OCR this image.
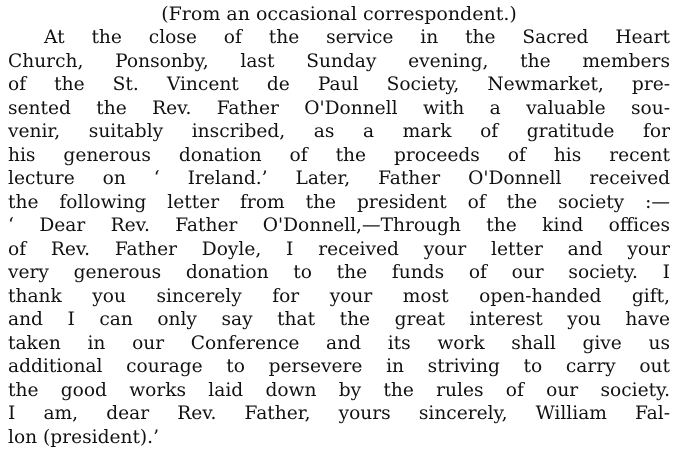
(From an occasional correspondent.)
At the close of the service in the Sacred Heart
Church, Ponsonby, last Sunday evening, the members
of the St. Vincent de Paul Society, Newmarket, pre-
sented the Rev. Father O'Donnell with a valuable sou-
venir, suitably inscribed, as a mark of gratitude for
his generous donation of the proceeds of his recent
lecture on ‘ Ireland.’ Later, Father O'Donnell received
the following letter from the president of the society :—
‘ Dear Rev. Father O'Donnell,—Through the kind offices
of Rev. Father Doyle, I received your letter and your
very generous donation to the funds of our society. I
thank you sincerely for your most open-handed gift,
and I can only say that the great interest you have
taken in our Conference and its work shall give us
additional courage to persevere in striving to carry out
the good works laid down by the rules of our society.
I am, dear Rev. Father, yours sincerely, William Fal-
lon (president).’
